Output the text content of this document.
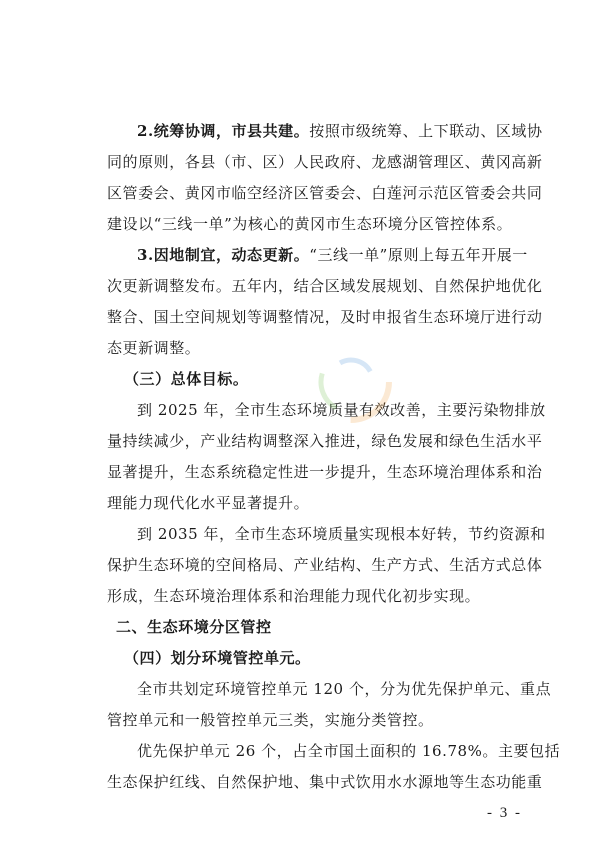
2.统筹协调，市县共建。按照市级统筹、上下联动、区域协
同的原则，各县（市、区）人民政府、龙感湖管理区、黄冈高新
区管委会、黄冈市临空经济区管委会、白莲河示范区管委会共同
建设以“三线一单”为核心的黄冈市生态环境分区管控体系。
3.因地制宜，动态更新。“三线一单”原则上每五年开展一
次更新调整发布。五年内，结合区域发展规划、自然保护地优化
整合、国土空间规划等调整情况，及时申报省生态环境厅进行动
态更新调整。
（三）总体目标。
到 2025 年，全市生态环境质量有效改善，主要污染物排放
量持续减少，产业结构调整深入推进，绿色发展和绿色生活水平
显著提升，生态系统稳定性进一步提升，生态环境治理体系和治
理能力现代化水平显著提升。
到 2035 年，全市生态环境质量实现根本好转，节约资源和
保护生态环境的空间格局、产业结构、生产方式、生活方式总体
形成，生态环境治理体系和治理能力现代化初步实现。
二、生态环境分区管控
（四）划分环境管控单元。
全市共划定环境管控单元 120 个，分为优先保护单元、重点
管控单元和一般管控单元三类，实施分类管控。
优先保护单元 26 个，占全市国土面积的 16.78%。主要包括
生态保护红线、自然保护地、集中式饮用水水源地等生态功能重
- 3 -
